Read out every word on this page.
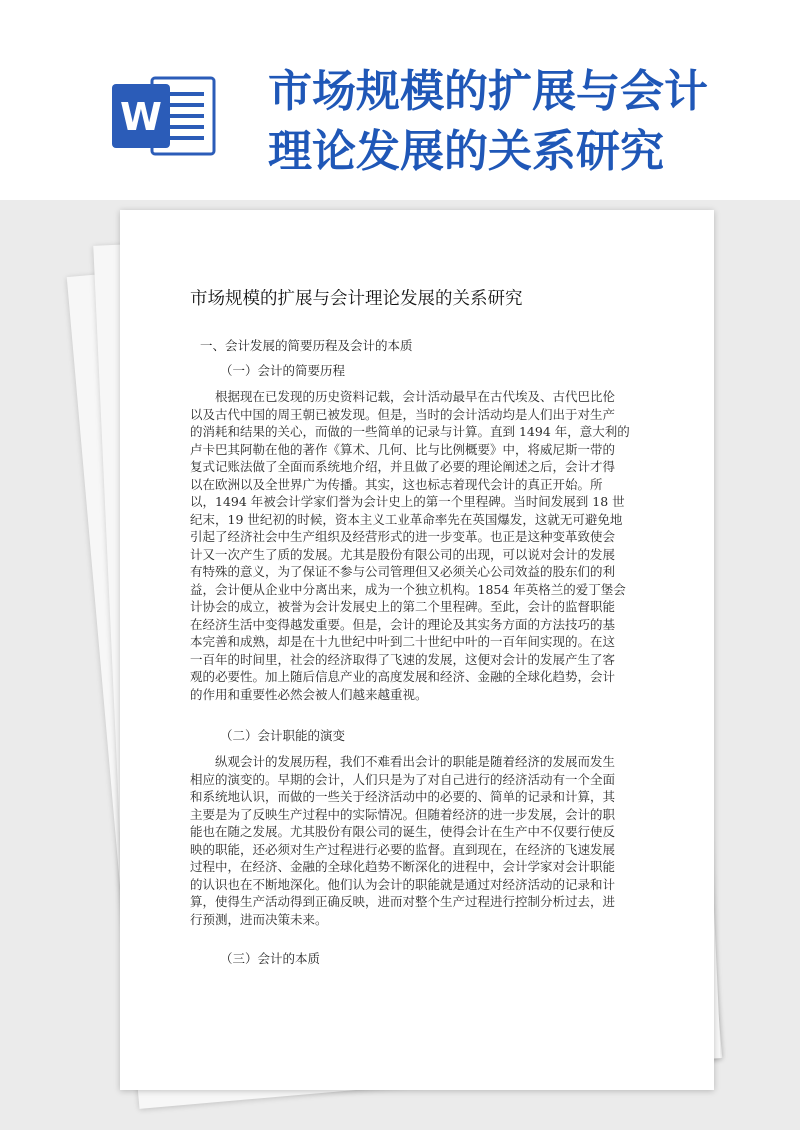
W 市场规模的扩展与会计
理论发展的关系研究
市场规模的扩展与会计理论发展的关系研究
一、会计发展的简要历程及会计的本质
（一）会计的简要历程
根据现在已发现的历史资料记载，会计活动最早在古代埃及、古代巴比伦
以及古代中国的周王朝已被发现。但是，当时的会计活动均是人们出于对生产
的消耗和结果的关心，而做的一些简单的记录与计算。直到 1494 年，意大利的
卢卡巴其阿勒在他的著作《算术、几何、比与比例概要》中，将威尼斯一带的
复式记账法做了全面而系统地介绍，并且做了必要的理论阐述之后，会计才得
以在欧洲以及全世界广为传播。其实，这也标志着现代会计的真正开始。所
以，1494 年被会计学家们誉为会计史上的第一个里程碑。当时间发展到 18 世
纪末，19 世纪初的时候，资本主义工业革命率先在英国爆发，这就无可避免地
引起了经济社会中生产组织及经营形式的进一步变革。也正是这种变革致使会
计又一次产生了质的发展。尤其是股份有限公司的出现，可以说对会计的发展
有特殊的意义，为了保证不参与公司管理但又必须关心公司效益的股东们的利
益，会计便从企业中分离出来，成为一个独立机构。1854 年英格兰的爱丁堡会
计协会的成立，被誉为会计发展史上的第二个里程碑。至此，会计的监督职能
在经济生活中变得越发重要。但是，会计的理论及其实务方面的方法技巧的基
本完善和成熟，却是在十九世纪中叶到二十世纪中叶的一百年间实现的。在这
一百年的时间里，社会的经济取得了飞速的发展，这便对会计的发展产生了客
观的必要性。加上随后信息产业的高度发展和经济、金融的全球化趋势，会计
的作用和重要性必然会被人们越来越重视。
（二）会计职能的演变
纵观会计的发展历程，我们不难看出会计的职能是随着经济的发展而发生
相应的演变的。早期的会计，人们只是为了对自己进行的经济活动有一个全面
和系统地认识，而做的一些关于经济活动中的必要的、简单的记录和计算，其
主要是为了反映生产过程中的实际情况。但随着经济的进一步发展，会计的职
能也在随之发展。尤其股份有限公司的诞生，使得会计在生产中不仅要行使反
映的职能，还必须对生产过程进行必要的监督。直到现在，在经济的飞速发展
过程中，在经济、金融的全球化趋势不断深化的进程中，会计学家对会计职能
的认识也在不断地深化。他们认为会计的职能就是通过对经济活动的记录和计
算，使得生产活动得到正确反映，进而对整个生产过程进行控制分析过去，进
行预测，进而决策未来。
（三）会计的本质
